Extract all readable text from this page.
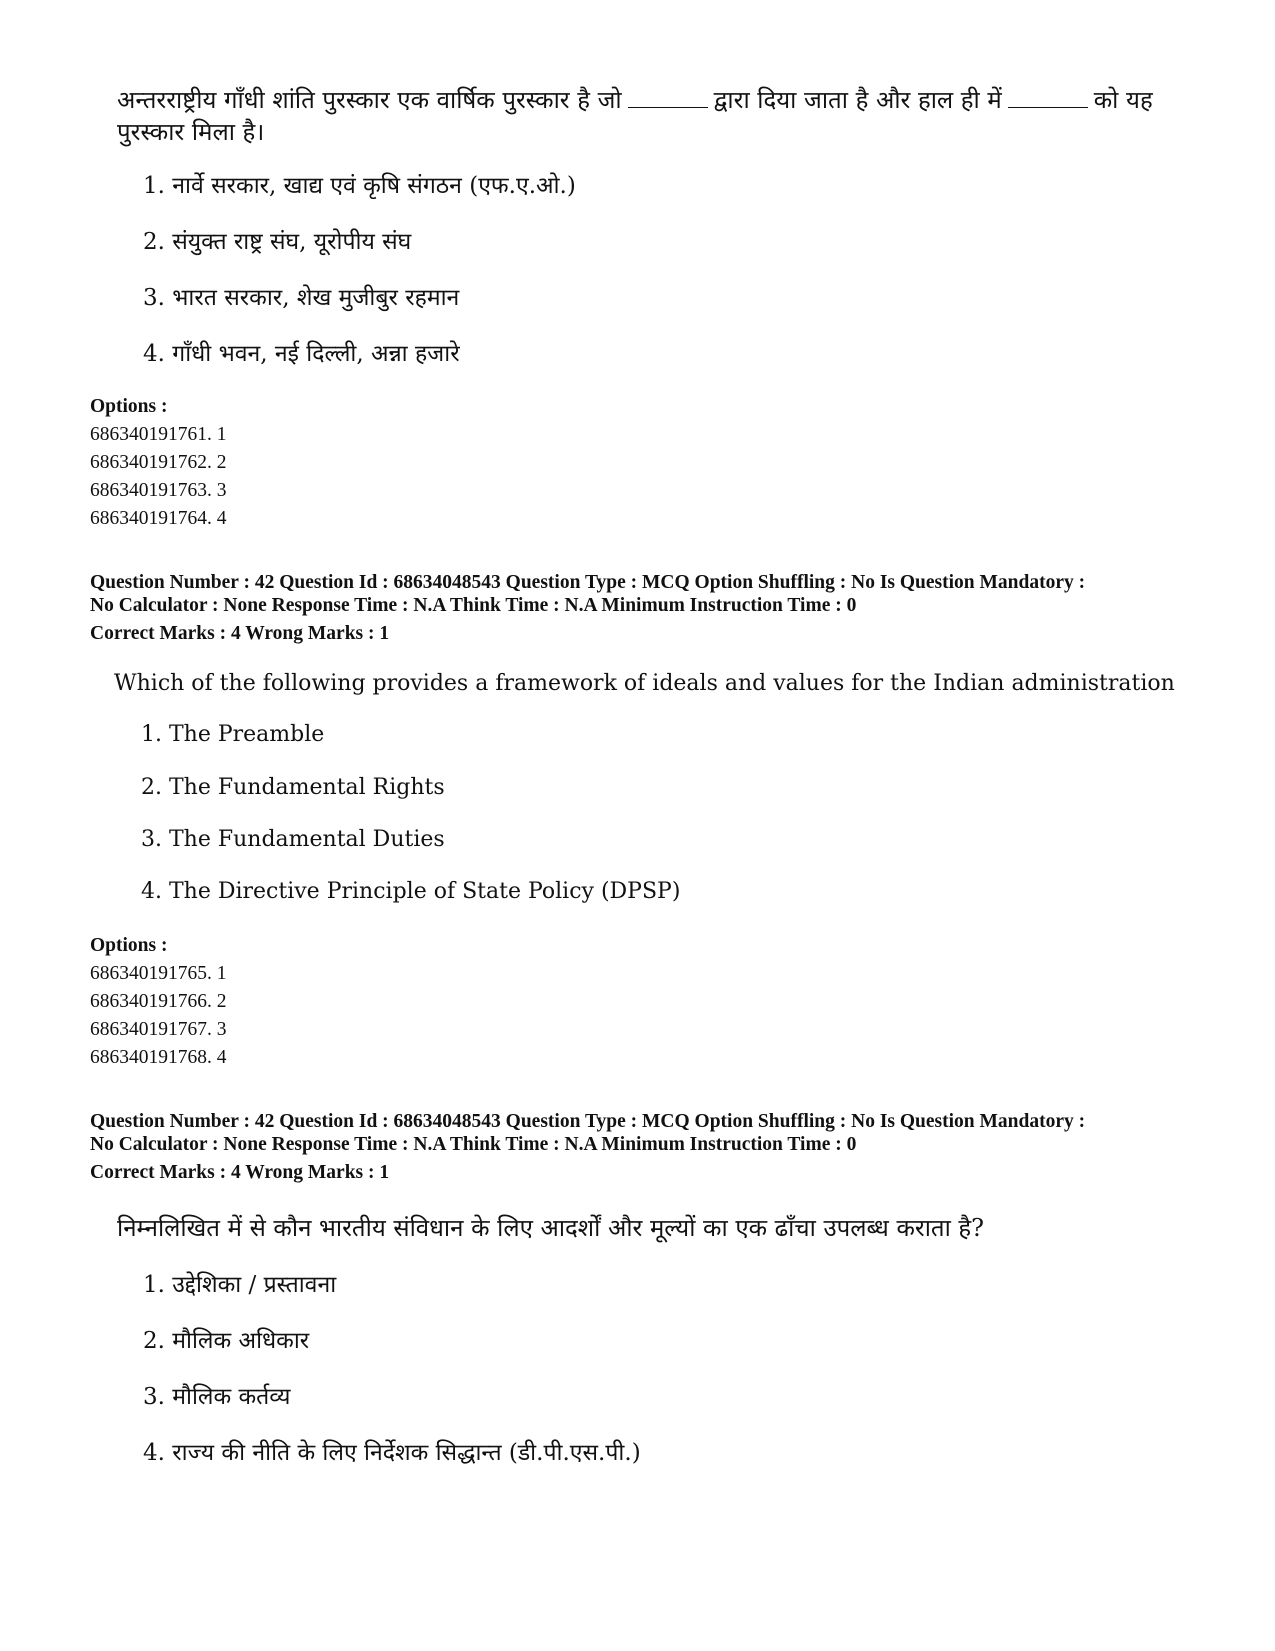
अन्तरराष्ट्रीय गाँधी शांति पुरस्कार एक वार्षिक पुरस्कार है जो	द्वारा दिया जाता है और हाल ही में	को यह पुरस्कार मिला है।
1. नार्वे सरकार, खाद्य एवं कृषि संगठन (एफ.ए.ओ.)
2. संयुक्त राष्ट्र संघ, यूरोपीय संघ
3. भारत सरकार, शेख मुजीबुर रहमान
4. गाँधी भवन, नई दिल्ली, अन्ना हजारे
Options :
686340191761. 1
686340191762. 2
686340191763. 3
686340191764. 4
Question Number : 42 Question Id : 68634048543 Question Type : MCQ Option Shuffling : No Is Question Mandatory :
No Calculator : None Response Time : N.A Think Time : N.A Minimum Instruction Time : 0
Correct Marks : 4 Wrong Marks : 1
Which of the following provides a framework of ideals and values for the Indian administration
1. The Preamble
2. The Fundamental Rights
3. The Fundamental Duties
4. The Directive Principle of State Policy (DPSP)
Options :
686340191765. 1
686340191766. 2
686340191767. 3
686340191768. 4
Question Number : 42 Question Id : 68634048543 Question Type : MCQ Option Shuffling : No Is Question Mandatory :
No Calculator : None Response Time : N.A Think Time : N.A Minimum Instruction Time : 0
Correct Marks : 4 Wrong Marks : 1
निम्नलिखित में से कौन भारतीय संविधान के लिए आदर्शों और मूल्यों का एक ढाँचा उपलब्ध कराता है?
1. उद्देशिका / प्रस्तावना
2. मौलिक अधिकार
3. मौलिक कर्तव्य
4. राज्य की नीति के लिए निर्देशक सिद्धान्त (डी.पी.एस.पी.)
